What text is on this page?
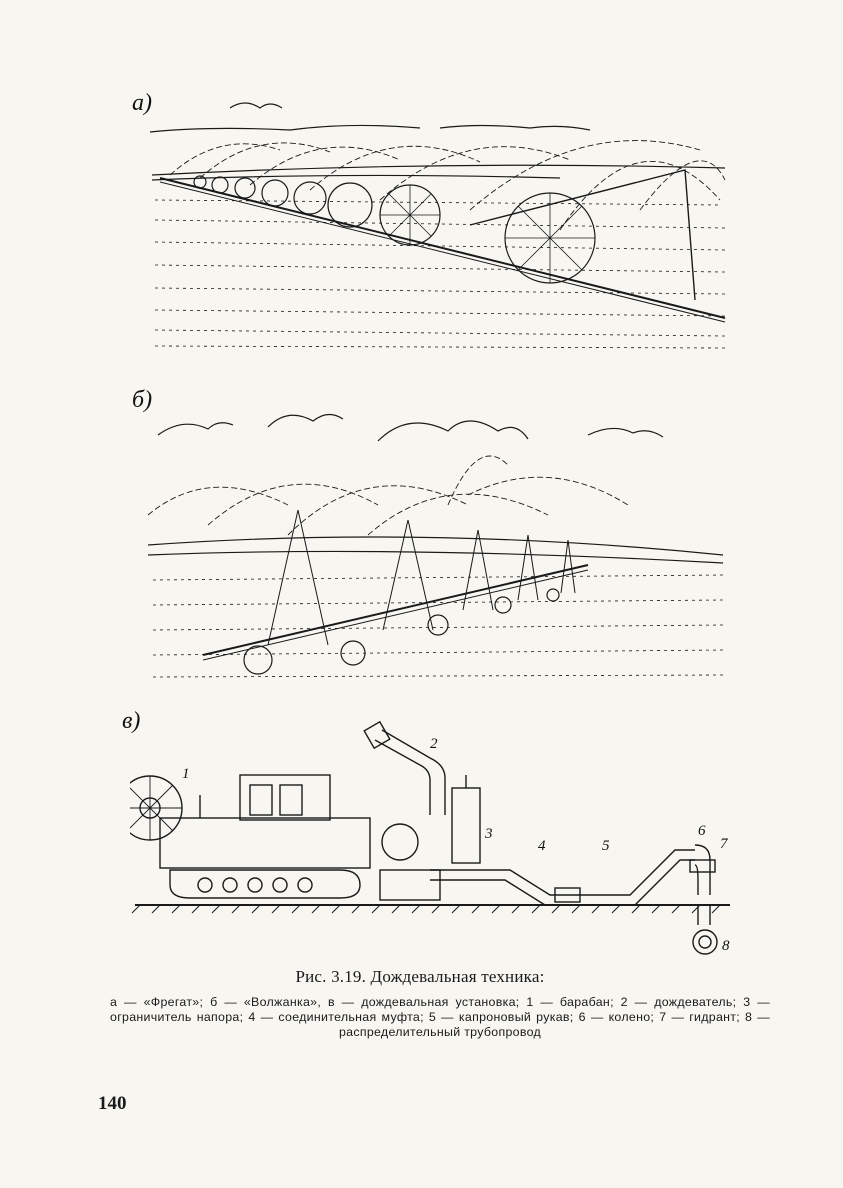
a)
б)
в)
1
2
3
4	5
6
7
8
Рис. 3.19. Дождевальная техника:
а — «Фрегат»; б — «Волжанка», в — дождевальная установка; 1 — барабан; 2 — дождеватель; 3 — ограничитель напора; 4 — соединительная муфта; 5 — капроновый рукав; 6 — колено; 7 — гидрант; 8 — распределительный трубопровод
140
